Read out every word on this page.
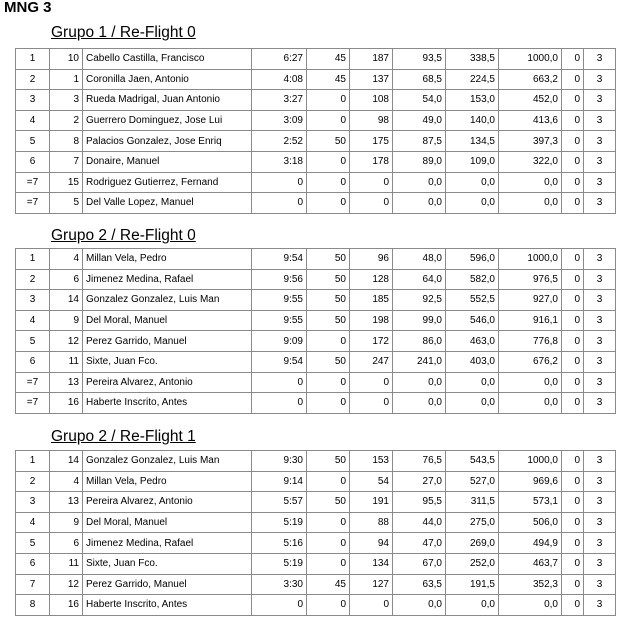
MNG 3
Grupo 1 / Re-Flight 0
1	10	Cabello Castilla, Francisco	6:27	45	187	93,5	338,5	1000,0	0	3
2	1	Coronilla Jaen, Antonio	4:08	45	137	68,5	224,5	663,2	0	3
3	3	Rueda Madrigal, Juan Antonio	3:27	0	108	54,0	153,0	452,0	0	3
4	2	Guerrero Dominguez, Jose Lui	3:09	0	98	49,0	140,0	413,6	0	3
5	8	Palacios Gonzalez, Jose Enriq	2:52	50	175	87,5	134,5	397,3	0	3
6	7	Donaire, Manuel	3:18	0	178	89,0	109,0	322,0	0	3
=7	15	Rodriguez Gutierrez, Fernand	0	0	0	0,0	0,0	0,0	0	3
=7	5	Del Valle Lopez, Manuel	0	0	0	0,0	0,0	0,0	0	3
Grupo 2 / Re-Flight 0
1	4	Millan Vela, Pedro	9:54	50	96	48,0	596,0	1000,0	0	3
2	6	Jimenez Medina, Rafael	9:56	50	128	64,0	582,0	976,5	0	3
3	14	Gonzalez Gonzalez, Luis Man	9:55	50	185	92,5	552,5	927,0	0	3
4	9	Del Moral, Manuel	9:55	50	198	99,0	546,0	916,1	0	3
5	12	Perez Garrido, Manuel	9:09	0	172	86,0	463,0	776,8	0	3
6	11	Sixte, Juan Fco.	9:54	50	247	241,0	403,0	676,2	0	3
=7	13	Pereira Alvarez, Antonio	0	0	0	0,0	0,0	0,0	0	3
=7	16	Haberte Inscrito, Antes	0	0	0	0,0	0,0	0,0	0	3
Grupo 2 / Re-Flight 1
1	14	Gonzalez Gonzalez, Luis Man	9:30	50	153	76,5	543,5	1000,0	0	3
2	4	Millan Vela, Pedro	9:14	0	54	27,0	527,0	969,6	0	3
3	13	Pereira Alvarez, Antonio	5:57	50	191	95,5	311,5	573,1	0	3
4	9	Del Moral, Manuel	5:19	0	88	44,0	275,0	506,0	0	3
5	6	Jimenez Medina, Rafael	5:16	0	94	47,0	269,0	494,9	0	3
6	11	Sixte, Juan Fco.	5:19	0	134	67,0	252,0	463,7	0	3
7	12	Perez Garrido, Manuel	3:30	45	127	63,5	191,5	352,3	0	3
8	16	Haberte Inscrito, Antes	0	0	0	0,0	0,0	0,0	0	3
